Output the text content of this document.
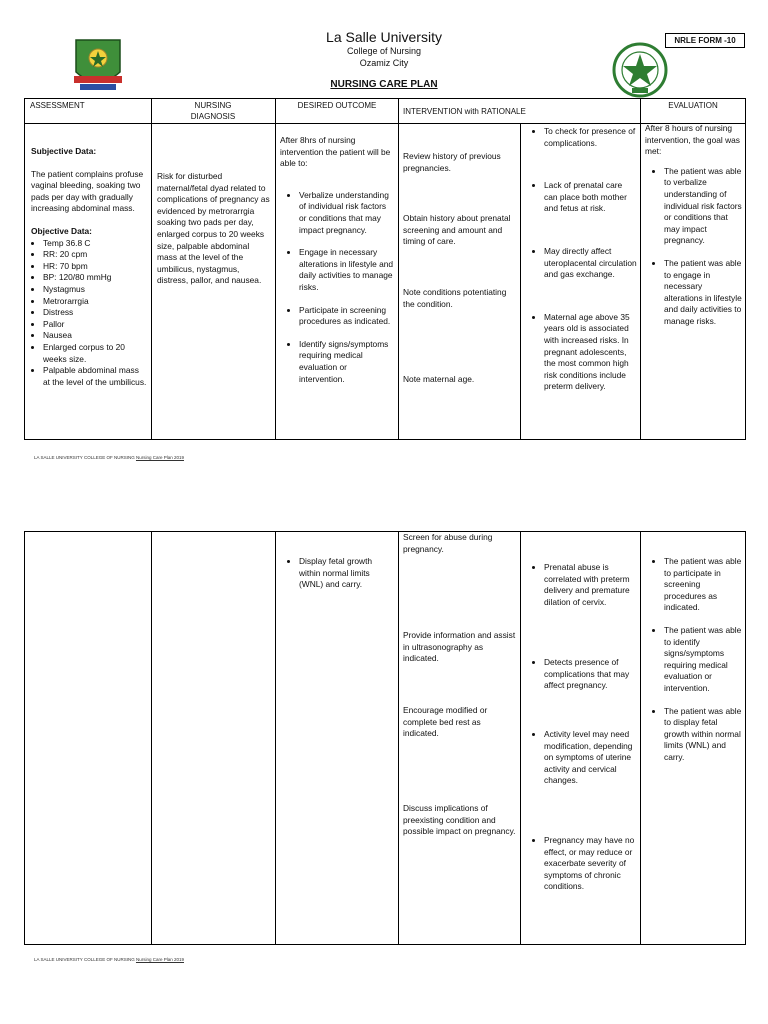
La Salle University
College of Nursing
Ozamiz City
NURSING CARE PLAN
NRLE FORM -10
ASSESSMENT	NURSING DIAGNOSIS
DESIRED OUTCOME
INTERVENTION with RATIONALE
EVALUATION
Subjective Data:
The patient complains profuse vaginal bleeding, soaking two pads per day with gradually increasing abdominal mass.
Objective Data:
• Temp 36.8 C
• RR: 20 cpm
• HR: 70 bpm
• BP: 120/80 mmHg
• Nystagmus
• Metrorarrgia
• Distress
• Pallor
• Nausea
• Enlarged corpus to 20 weeks size.
• Palpable abdominal mass at the level of the umbilicus.
Risk for disturbed maternal/fetal dyad related to complications of pregnancy as evidenced by metrorarrgia soaking two pads per day, enlarged corpus to 20 weeks size, palpable abdominal mass at the level of the umbilicus, nystagmus, distress, pallor, and nausea.
After 8hrs of nursing intervention the patient will be able to:
• Verbalize understanding of individual risk factors or conditions that may impact pregnancy.
• Engage in necessary alterations in lifestyle and daily activities to manage risks.
• Participate in screening procedures as indicated.
• Identify signs/symptoms requiring medical evaluation or intervention.
Review history of previous pregnancies.
Obtain history about prenatal screening and amount and timing of care.
Note conditions potentiating the condition.
Note maternal age.
• To check for presence of complications.
• Lack of prenatal care can place both mother and fetus at risk.
• May directly affect uteroplacental circulation and gas exchange.
• Maternal age above 35 years old is associated with increased risks. In pregnant adolescents, the most common high risk conditions include preterm delivery.
After 8 hours of nursing intervention, the goal was met:
• The patient was able to verbalize understanding of individual risk factors or conditions that may impact pregnancy.
• The patient was able to engage in necessary alterations in lifestyle and daily activities to manage risks.
LA SALLE UNIVERSITY COLLEGE OF NURSING Nursing Care Plan 2019
• Display fetal growth within normal limits (WNL) and carry.
Screen for abuse during pregnancy.
Provide information and assist in ultrasonography as indicated.
Encourage modified or complete bed rest as indicated.
Discuss implications of preexisting condition and possible impact on pregnancy.
• Prenatal abuse is correlated with preterm delivery and premature dilation of cervix.
• Detects presence of complications that may affect pregnancy.
• Activity level may need modification, depending on symptoms of uterine activity and cervical changes.
• Pregnancy may have no effect, or may reduce or exacerbate severity of symptoms of chronic conditions.
• The patient was able to participate in screening procedures as indicated.
• The patient was able to identify signs/symptoms requiring medical evaluation or intervention.
• The patient was able to display fetal growth within normal limits (WNL) and carry.
LA SALLE UNIVERSITY COLLEGE OF NURSING Nursing Care Plan 2019
